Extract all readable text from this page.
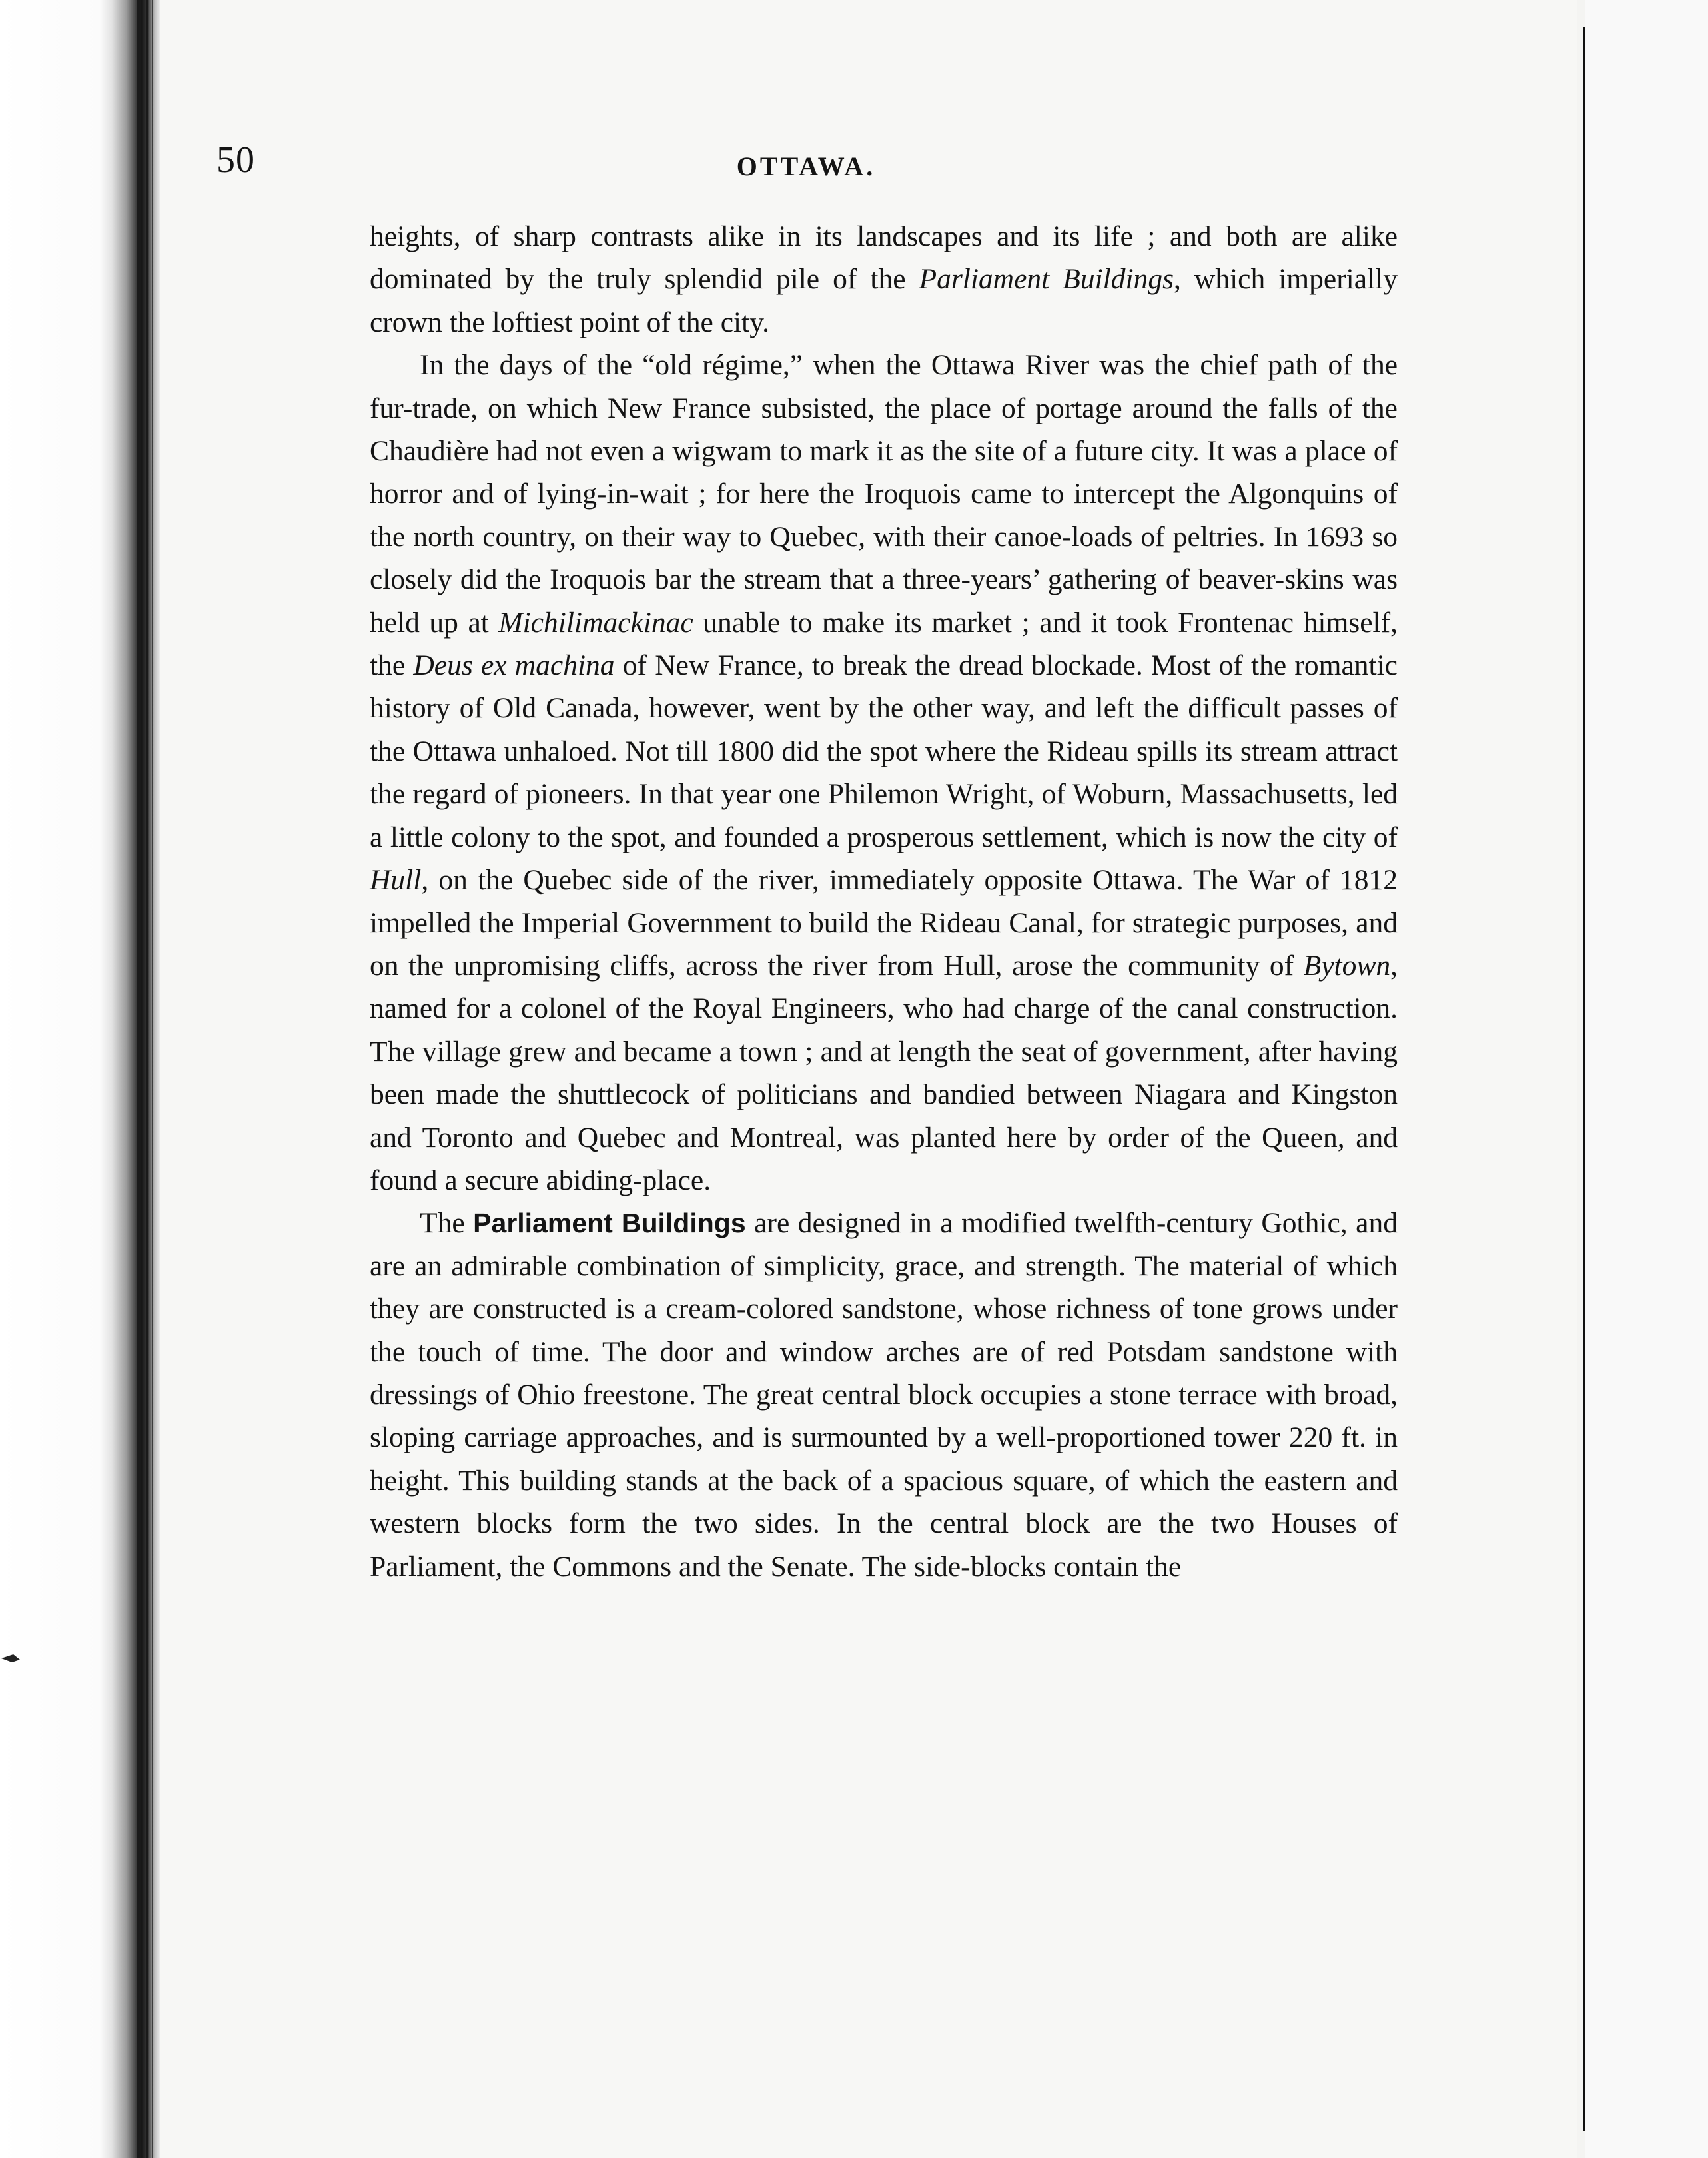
50	OTTAWA.

heights, of sharp contrasts alike in its landscapes and its life ; and both are alike dominated by the truly splendid pile of the Parliament Buildings, which imperially crown the loftiest point of the city.

In the days of the “old régime,” when the Ottawa River was the chief path of the fur-trade, on which New France subsisted, the place of portage around the falls of the Chaudière had not even a wigwam to mark it as the site of a future city. It was a place of horror and of lying-in-wait ; for here the Iroquois came to intercept the Algonquins of the north country, on their way to Quebec, with their canoe-loads of peltries. In 1693 so closely did the Iroquois bar the stream that a three-years’ gathering of beaver-skins was held up at Michilimackinac unable to make its market ; and it took Frontenac himself, the Deus ex machina of New France, to break the dread blockade. Most of the romantic history of Old Canada, however, went by the other way, and left the difficult passes of the Ottawa unhaloed. Not till 1800 did the spot where the Rideau spills its stream attract the regard of pioneers. In that year one Philemon Wright, of Woburn, Massachusetts, led a little colony to the spot, and founded a prosperous settlement, which is now the city of Hull, on the Quebec side of the river, immediately opposite Ottawa. The War of 1812 impelled the Imperial Government to build the Rideau Canal, for strategic purposes, and on the unpromising cliffs, across the river from Hull, arose the community of Bytown, named for a colonel of the Royal Engineers, who had charge of the canal construction. The village grew and became a town ; and at length the seat of government, after having been made the shuttlecock of politicians and bandied between Niagara and Kingston and Toronto and Quebec and Montreal, was planted here by order of the Queen, and found a secure abiding-place.

The Parliament Buildings are designed in a modified twelfth-century Gothic, and are an admirable combination of simplicity, grace, and strength. The material of which they are constructed is a cream-colored sandstone, whose richness of tone grows under the touch of time. The door and window arches are of red Potsdam sandstone with dressings of Ohio freestone. The great central block occupies a stone terrace with broad, sloping carriage approaches, and is surmounted by a well-proportioned tower 220 ft. in height. This building stands at the back of a spacious square, of which the eastern and western blocks form the two sides. In the central block are the two Houses of Parliament, the Commons and the Senate. The side-blocks contain the
